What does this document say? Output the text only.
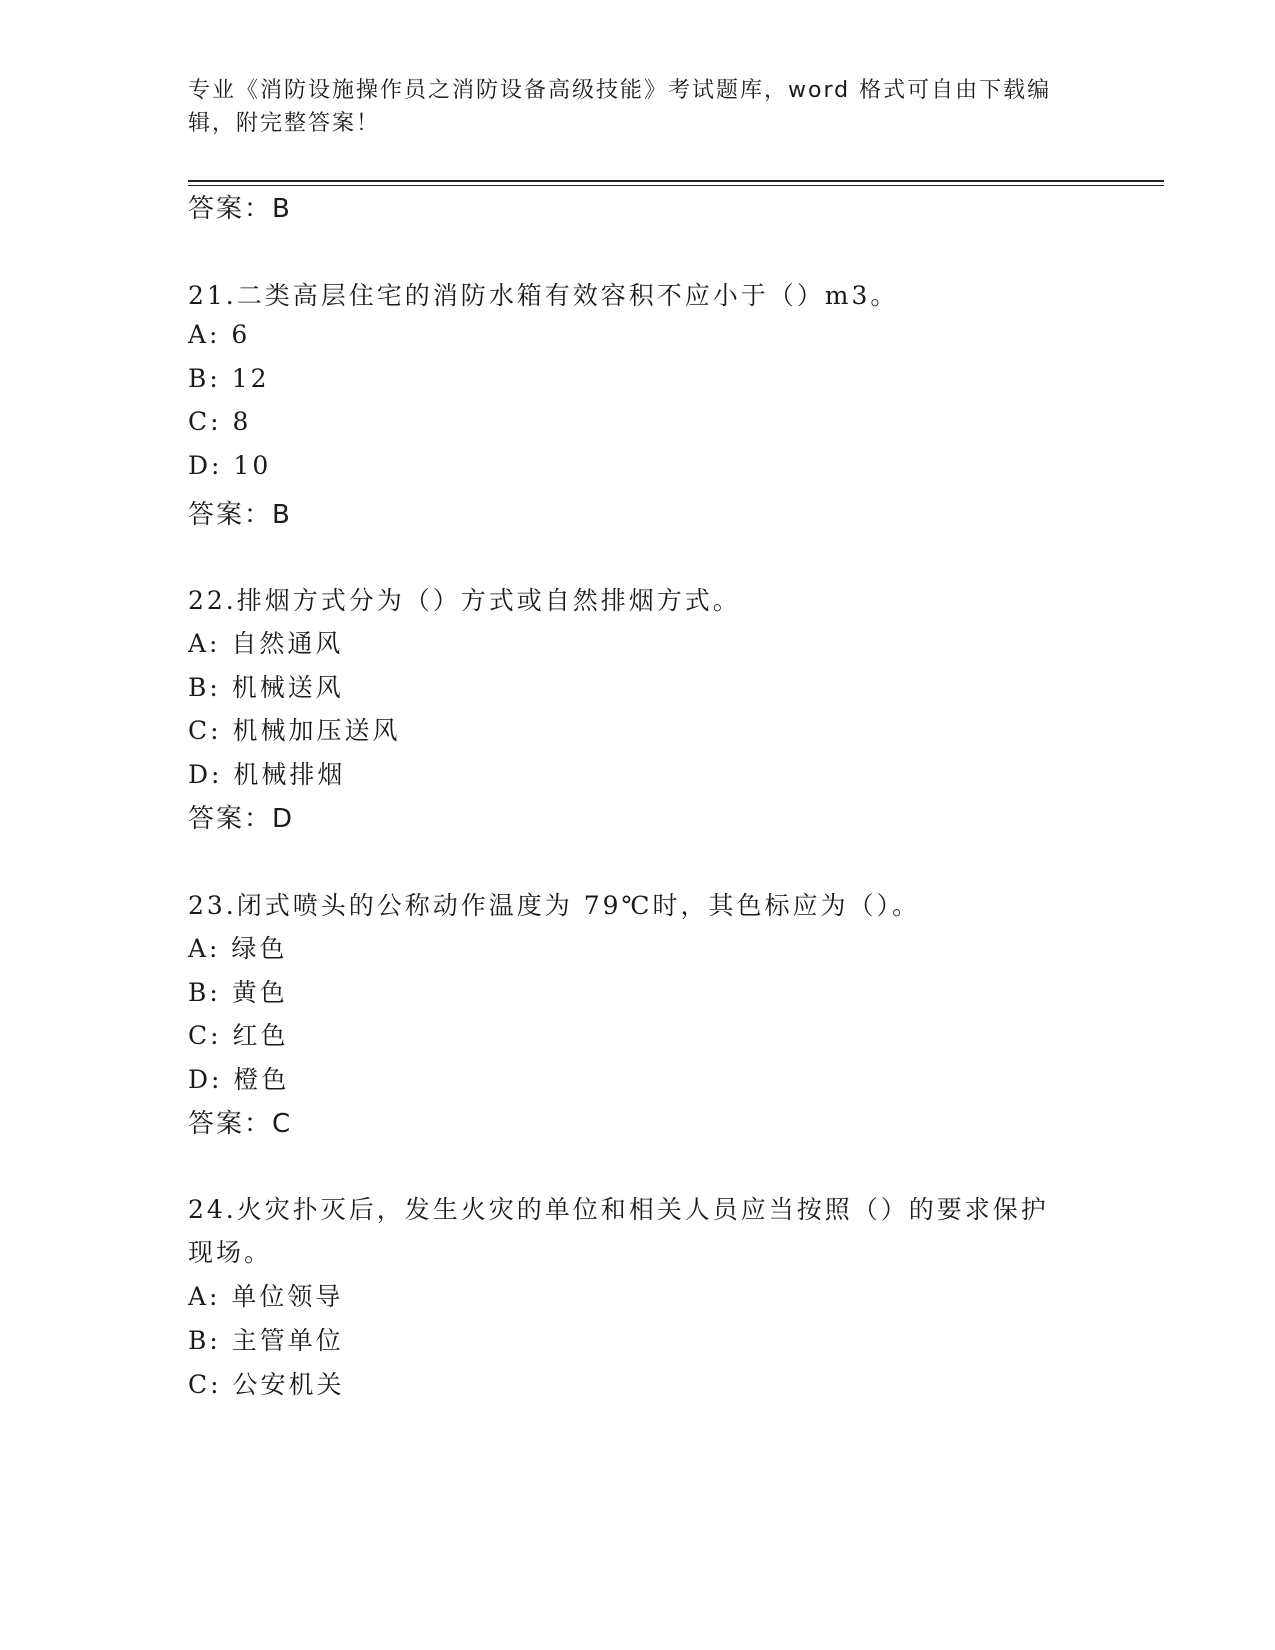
专业《消防设施操作员之消防设备高级技能》考试题库，word 格式可自由下载编
辑，附完整答案！
答案：B
21.二类高层住宅的消防水箱有效容积不应小于（）m3。
A: 6
B: 12
C: 8
D: 10
答案：B
22.排烟方式分为（）方式或自然排烟方式。
A: 自然通风
B: 机械送风
C: 机械加压送风
D: 机械排烟
答案：D
23.闭式喷头的公称动作温度为 79℃时，其色标应为（）。
A: 绿色
B: 黄色
C: 红色
D: 橙色
答案：C
24.火灾扑灭后，发生火灾的单位和相关人员应当按照（）的要求保护
现场。
A: 单位领导
B: 主管单位
C: 公安机关
